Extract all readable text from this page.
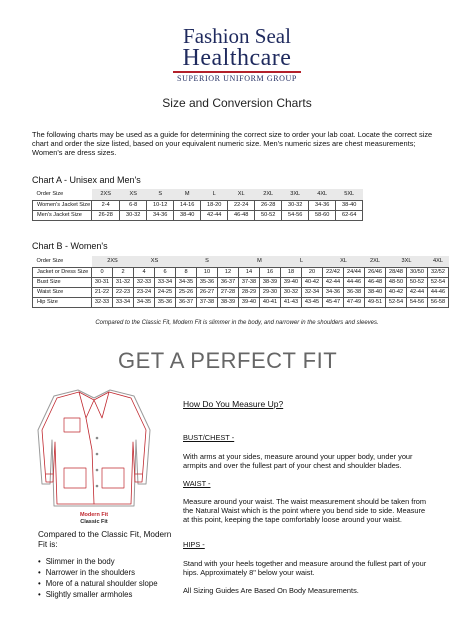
Fashion Seal
Healthcare
SUPERIOR UNIFORM GROUP
Size and Conversion Charts
The following charts may be used as a guide for determining the correct size to order your lab coat. Locate the correct size chart and order the size listed, based on your equivalent numeric size. Men's numeric sizes are chest measurements; Women's are dress sizes.
Chart A - Unisex and Men's
Order Size	2XS	XS	S	M	L	XL	2XL	3XL	4XL	5XL
Women's Jacket Size	2-4	6-8	10-12	14-16	18-20	22-24	26-28	30-32	34-36	38-40
Men's Jacket Size	26-28	30-32	34-36	38-40	42-44	46-48	50-52	54-56	58-60	62-64
Chart B - Women's
Order Size	2XS		XS		S			M		L		XL		2XL	3XL		4XL
Jacket or Dress Size	0	2	4	6	8	10	12	14	16	18	20	22/42	24/44	26/46	28/48	30/50	32/52
Bust Size	30-31	31-32	32-33	33-34	34-35	35-36	36-37	37-38	38-39	39-40	40-42	42-44	44-46	46-48	48-50	50-52	52-54
Waist Size	21-22	22-23	23-24	24-25	25-26	26-27	27-28	28-29	29-30	30-32	32-34	34-36	36-38	38-40	40-42	42-44	44-46
Hip Size	32-33	33-34	34-35	35-36	36-37	37-38	38-39	39-40	40-41	41-43	43-45	45-47	47-49	49-51	52-54	54-56	56-58
Compared to the Classic Fit, Modern Fit is slimmer in the body, and narrower in the shoulders and sleeves.
GET A PERFECT FIT
Modern Fit
Classic Fit
Compared to the Classic Fit, Modern Fit is:
• Slimmer in the body
• Narrower in the shoulders
• More of a natural shoulder slope
• Slightly smaller armholes
How Do You Measure Up?
BUST/CHEST -
With arms at your sides, measure around your upper body, under your armpits and over the fullest part of your chest and shoulder blades.
WAIST -
Measure around your waist. The waist measurement should be taken from the Natural Waist which is the point where you bend side to side. Measure at this point, keeping the tape comfortably loose around your waist.
HIPS -
Stand with your heels together and measure around the fullest part of your hips. Approximately 8" below your waist.
All Sizing Guides Are Based On Body Measurements.
